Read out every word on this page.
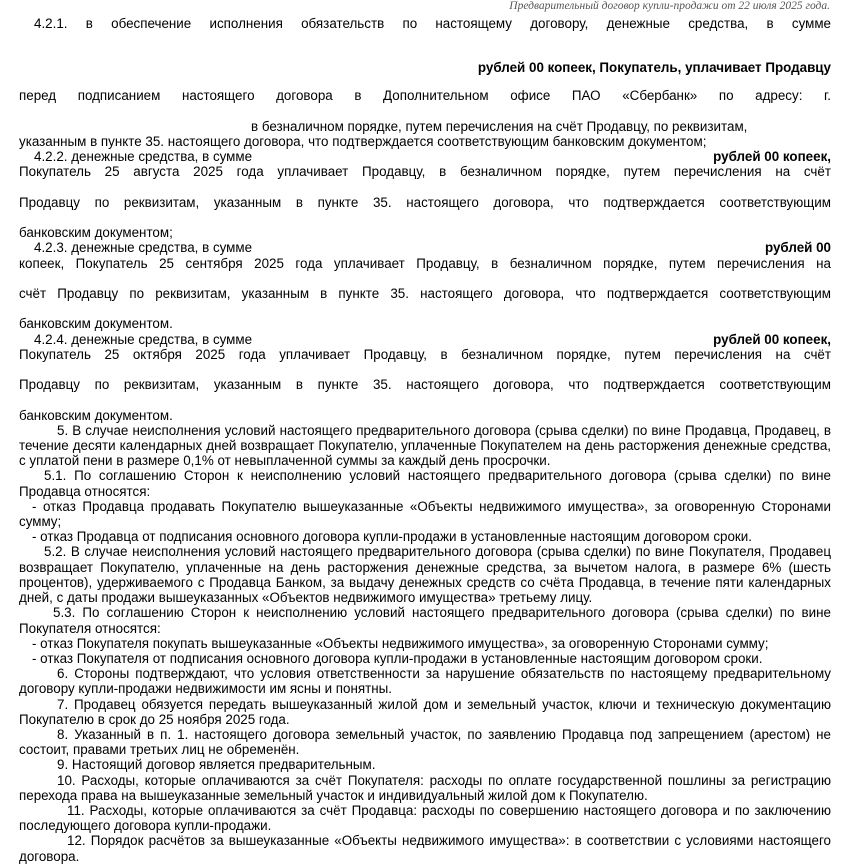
Предварительный договор купли-продажи от 22 июля 2025 года.

4.2.1. в обеспечение исполнения обязательств по настоящему договору, денежные средства, в сумме

рублей 00 копеек, Покупатель, уплачивает Продавцу

перед подписанием настоящего договора в Дополнительном офисе ПАО «Сбербанк» по адресу: г.

в безналичном порядке, путем перечисления на счёт Продавцу, по реквизитам,

указанным в пункте 35. настоящего договора, что подтверждается соответствующим банковским документом;

4.2.2. денежные средства, в сумме	рублей 00 копеек,

Покупатель 25 августа 2025 года уплачивает Продавцу, в безналичном порядке, путем перечисления на счёт

Продавцу по реквизитам, указанным в пункте 35. настоящего договора, что подтверждается соответствующим

банковским документом;

4.2.3. денежные средства, в сумме	рублей 00

копеек, Покупатель 25 сентября 2025 года уплачивает Продавцу, в безналичном порядке, путем перечисления на

счёт Продавцу по реквизитам, указанным в пункте 35. настоящего договора, что подтверждается соответствующим

банковским документом.

4.2.4. денежные средства, в сумме	рублей 00 копеек,

Покупатель 25 октября 2025 года уплачивает Продавцу, в безналичном порядке, путем перечисления на счёт

Продавцу по реквизитам, указанным в пункте 35. настоящего договора, что подтверждается соответствующим

банковским документом.

5. В случае неисполнения условий настоящего предварительного договора (срыва сделки) по вине Продавца, Продавец, в течение десяти календарных дней возвращает Покупателю, уплаченные Покупателем на день расторжения денежные средства, с уплатой пени в размере 0,1% от невыплаченной суммы за каждый день просрочки.

5.1. По соглашению Сторон к неисполнению условий настоящего предварительного договора (срыва сделки) по вине Продавца относятся:

- отказ Продавца продавать Покупателю вышеуказанные «Объекты недвижимого имущества», за оговоренную Сторонами сумму;

- отказ Продавца от подписания основного договора купли-продажи в установленные настоящим договором сроки.

5.2. В случае неисполнения условий настоящего предварительного договора (срыва сделки) по вине Покупателя, Продавец возвращает Покупателю, уплаченные на день расторжения денежные средства, за вычетом налога, в размере 6% (шесть процентов), удерживаемого с Продавца Банком, за выдачу денежных средств со счёта Продавца, в течение пяти календарных дней, с даты продажи вышеуказанных «Объектов недвижимого имущества» третьему лицу.

5.3. По соглашению Сторон к неисполнению условий настоящего предварительного договора (срыва сделки) по вине Покупателя относятся:

- отказ Покупателя покупать вышеуказанные «Объекты недвижимого имущества», за оговоренную Сторонами сумму;

- отказ Покупателя от подписания основного договора купли-продажи в установленные настоящим договором сроки.

6. Стороны подтверждают, что условия ответственности за нарушение обязательств по настоящему предварительному договору купли-продажи недвижимости им ясны и понятны.

7. Продавец обязуется передать вышеуказанный жилой дом и земельный участок, ключи и техническую документацию Покупателю в срок до 25 ноября 2025 года.

8. Указанный в п. 1. настоящего договора земельный участок, по заявлению Продавца под запрещением (арестом) не состоит, правами третьих лиц не обременён.

9. Настоящий договор является предварительным.

10. Расходы, которые оплачиваются за счёт Покупателя: расходы по оплате государственной пошлины за регистрацию перехода права на вышеуказанные земельный участок и индивидуальный жилой дом к Покупателю.

11. Расходы, которые оплачиваются за счёт Продавца: расходы по совершению настоящего договора и по заключению последующего договора купли-продажи.

12. Порядок расчётов за вышеуказанные «Объекты недвижимого имущества»: в соответствии с условиями настоящего договора.
